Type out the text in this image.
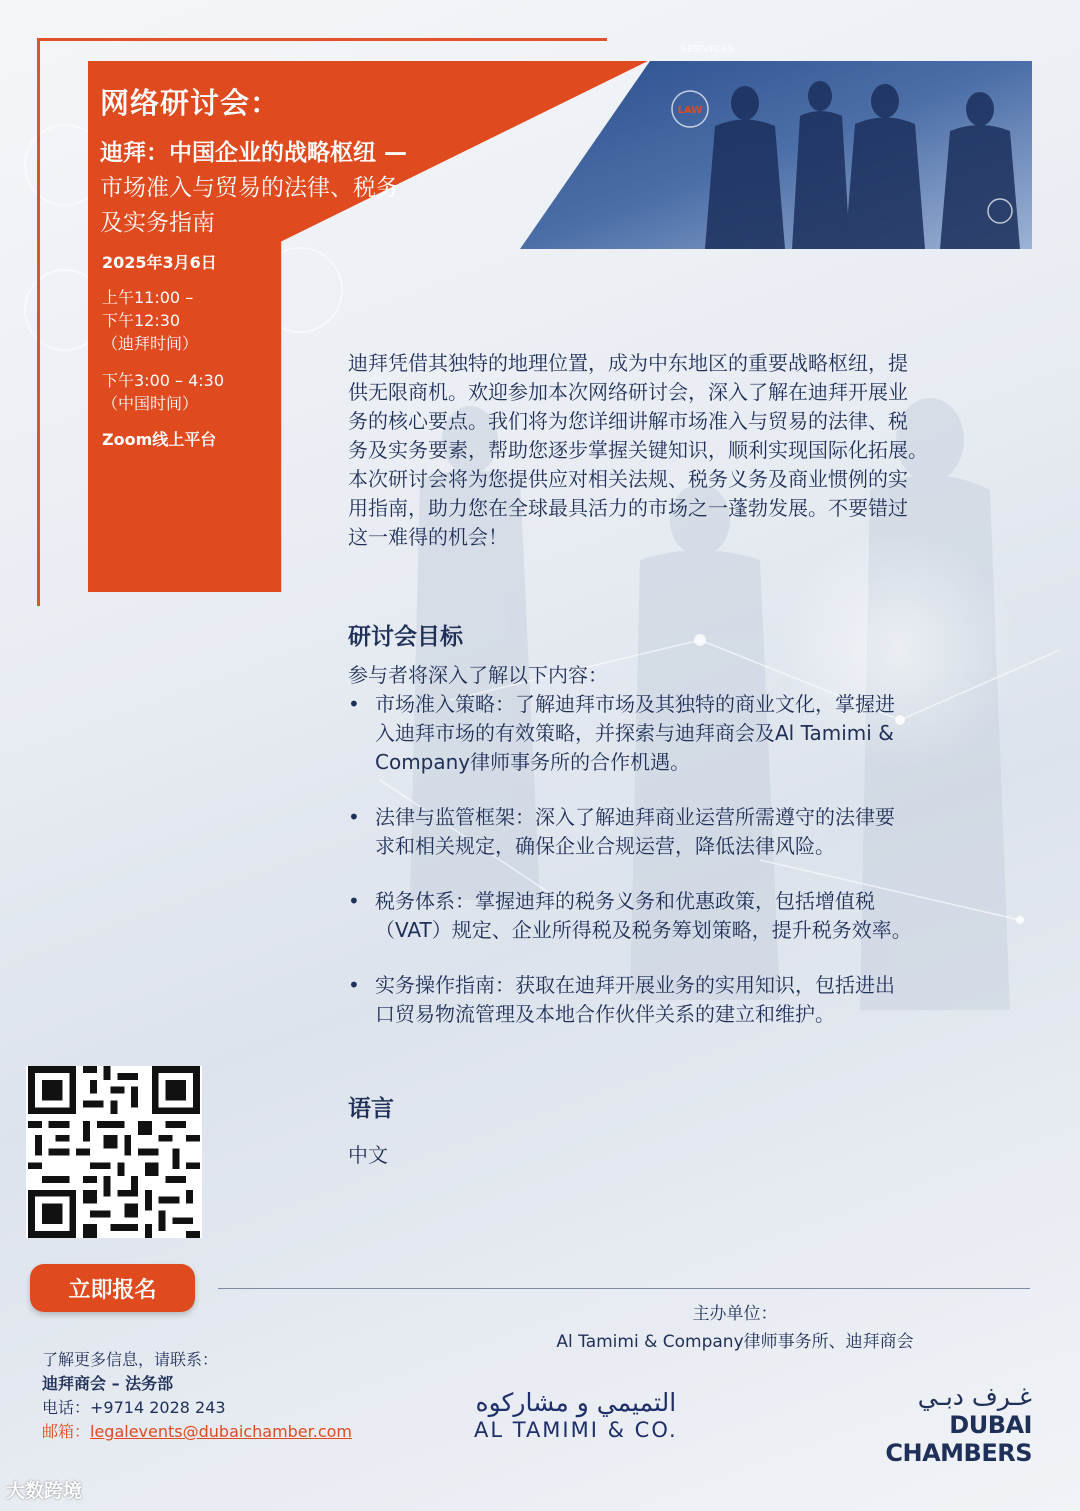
LAW
SERVICES
网络研讨会：
迪拜：中国企业的战略枢纽 —
市场准入与贸易的法律、税务
及实务指南
2025年3月6日
上午11:00 –
下午12:30
（迪拜时间）
下午3:00 – 4:30
（中国时间）
Zoom线上平台
迪拜凭借其独特的地理位置，成为中东地区的重要战略枢纽，提
供无限商机。欢迎参加本次网络研讨会，深入了解在迪拜开展业
务的核心要点。我们将为您详细讲解市场准入与贸易的法律、税
务及实务要素，帮助您逐步掌握关键知识，顺利实现国际化拓展。
本次研讨会将为您提供应对相关法规、税务义务及商业惯例的实
用指南，助力您在全球最具活力的市场之一蓬勃发展。不要错过
这一难得的机会！
研讨会目标
参与者将深入了解以下内容：
• 市场准入策略：了解迪拜市场及其独特的商业文化，掌握进
入迪拜市场的有效策略，并探索与迪拜商会及Al Tamimi &
Company律师事务所的合作机遇。
• 法律与监管框架：深入了解迪拜商业运营所需遵守的法律要
求和相关规定，确保企业合规运营，降低法律风险。
• 税务体系：掌握迪拜的税务义务和优惠政策，包括增值税
（VAT）规定、企业所得税及税务筹划策略，提升税务效率。
• 实务操作指南：获取在迪拜开展业务的实用知识，包括进出
口贸易物流管理及本地合作伙伴关系的建立和维护。
语言
中文
立即报名
主办单位：
Al Tamimi & Company律师事务所、迪拜商会
了解更多信息，请联系：
迪拜商会 – 法务部
电话：+9714 2028 243
邮箱：legalevents@dubaichamber.com
التميمي و مشاركوه
AL TAMIMI & CO.
غـرف دبـي
DUBAI CHAMBERS
大数跨境
